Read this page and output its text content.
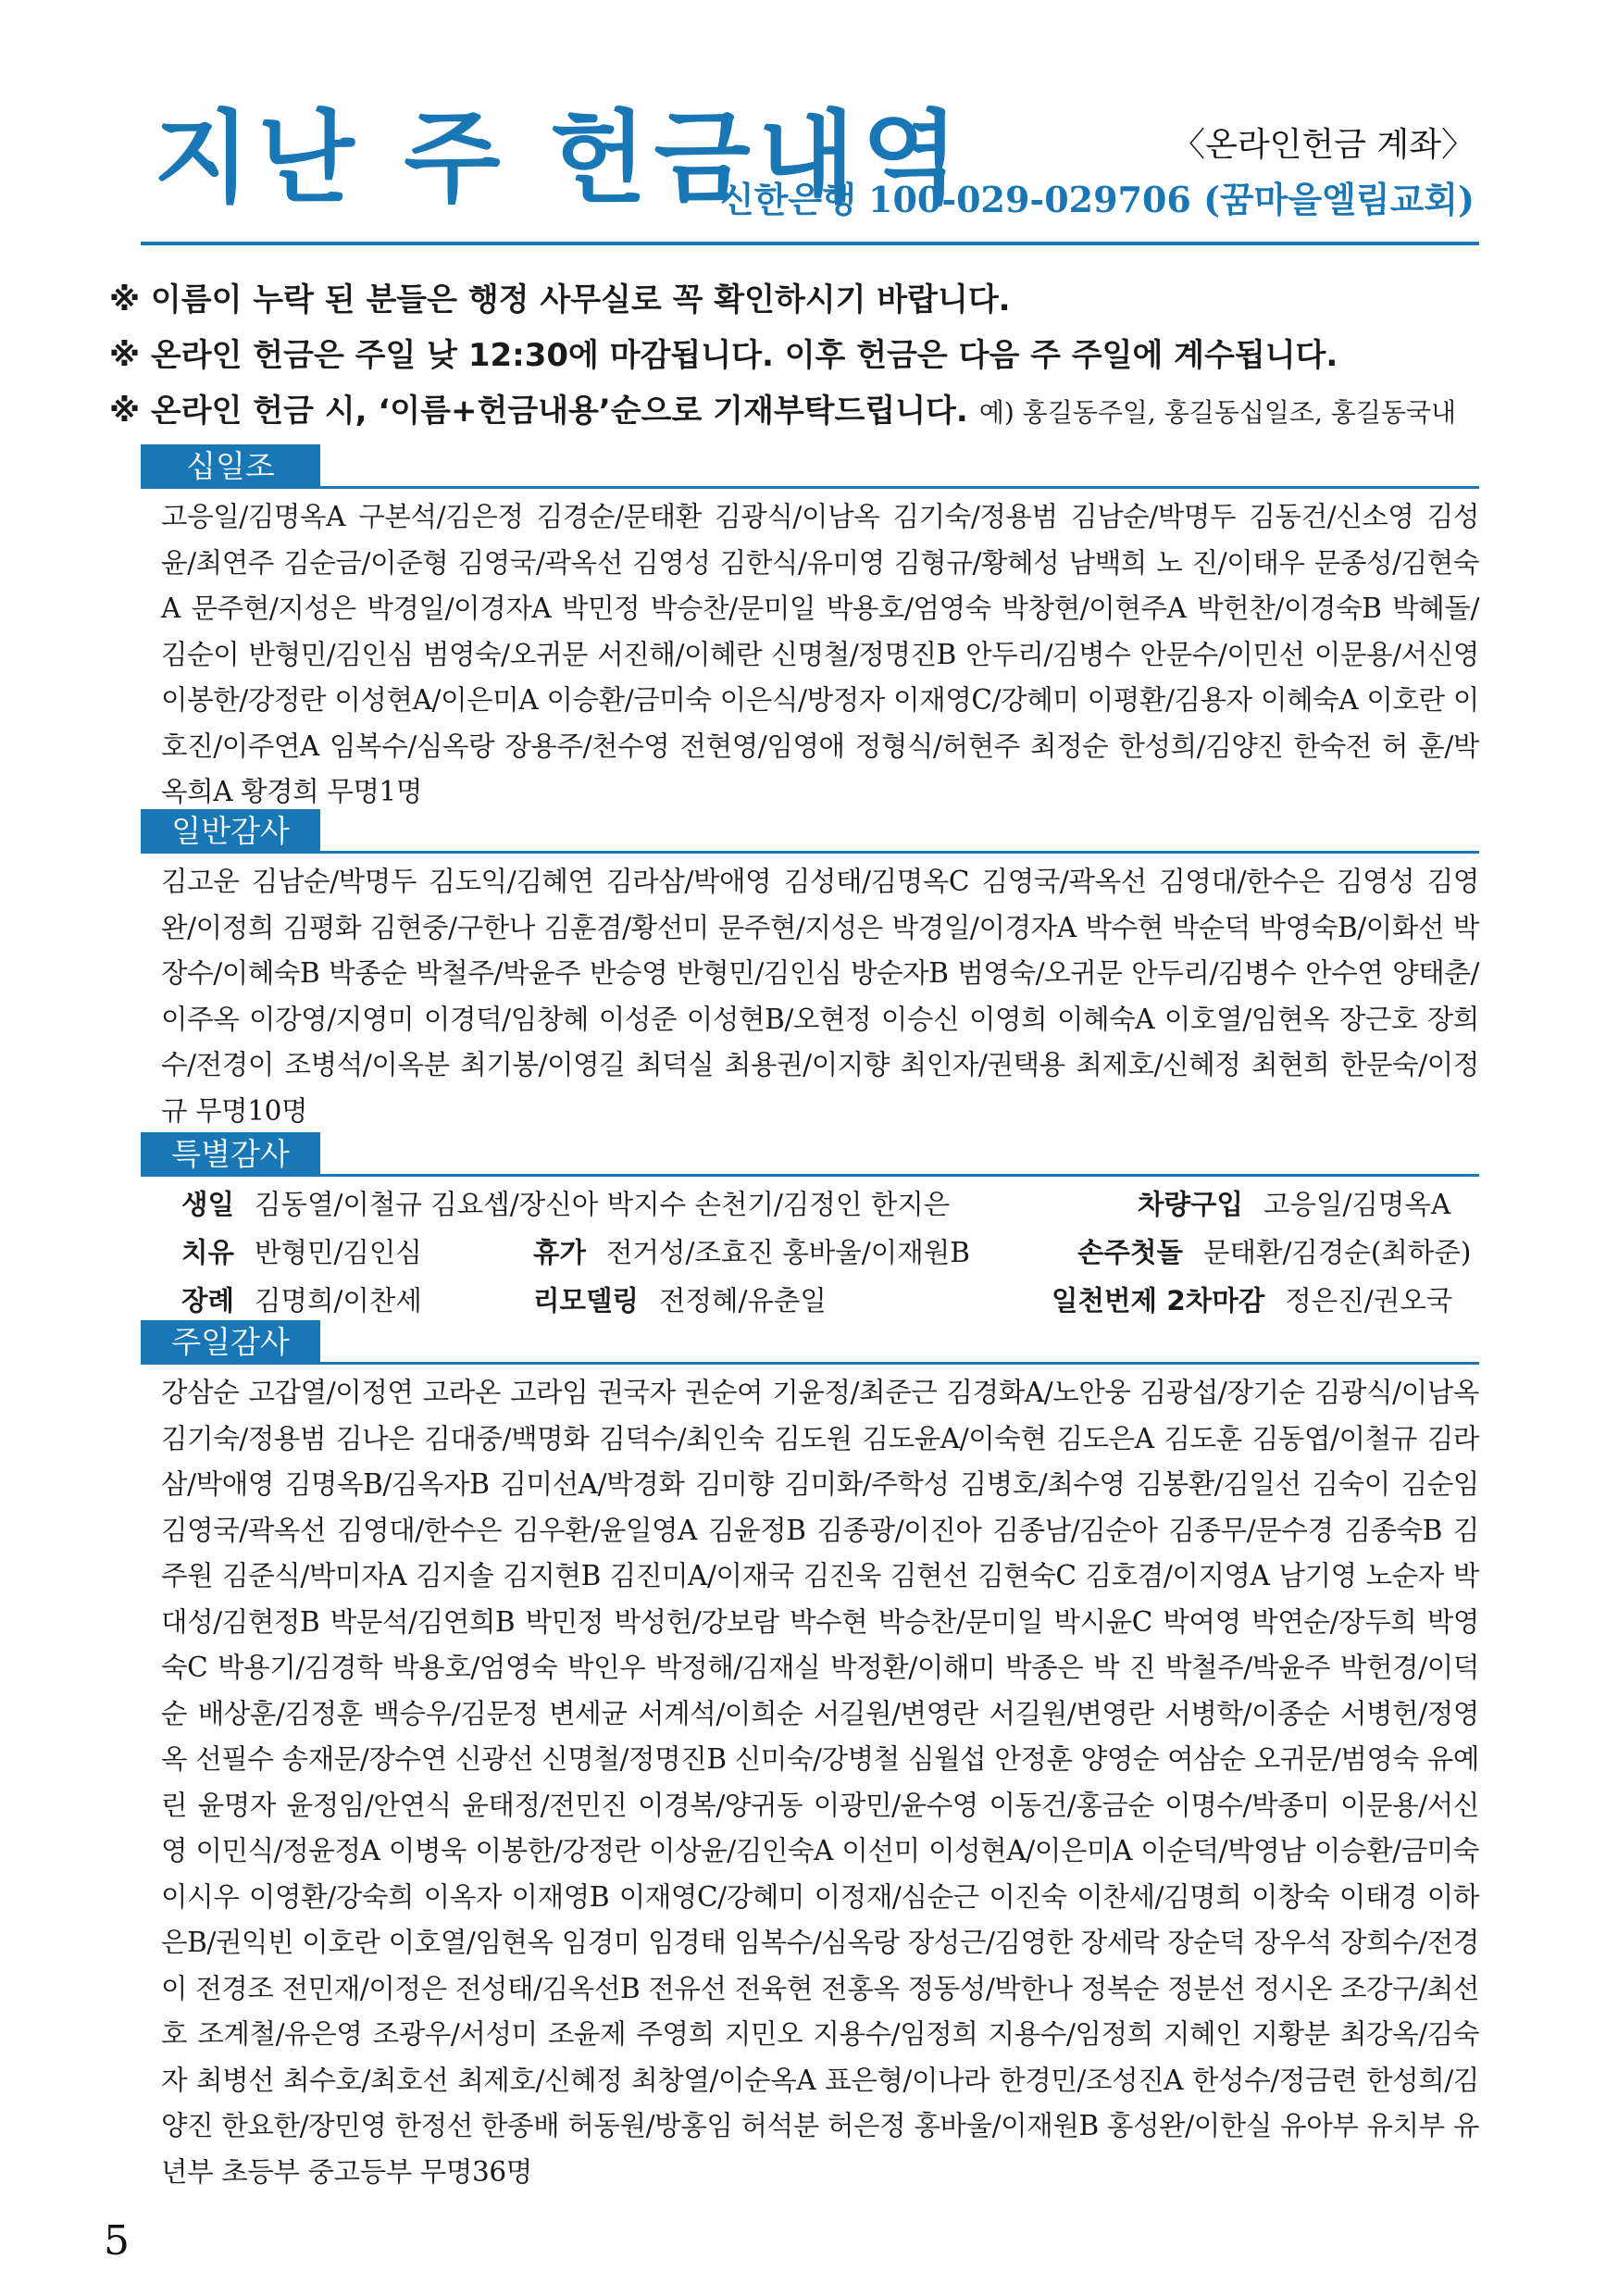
지난 주 헌금내역	〈온라인헌금 계좌〉
신한은행 100-029-029706 (꿈마을엘림교회)
※ 이름이 누락 된 분들은 행정 사무실로 꼭 확인하시기 바랍니다.
※ 온라인 헌금은 주일 낮 12:30에 마감됩니다. 이후 헌금은 다음 주 주일에 계수됩니다.
※ 온라인 헌금 시, ‘이름+헌금내용’순으로 기재부탁드립니다. 예) 홍길동주일, 홍길동십일조, 홍길동국내
십일조
고응일/김명옥A 구본석/김은정 김경순/문태환 김광식/이남옥 김기숙/정용범 김남순/박명두 김동건/신소영 김성윤/최연주 김순금/이준형 김영국/곽옥선 김영성 김한식/유미영 김형규/황혜성 남백희 노 진/이태우 문종성/김현숙A 문주현/지성은 박경일/이경자A 박민정 박승찬/문미일 박용호/엄영숙 박창현/이현주A 박헌찬/이경숙B 박혜돌/김순이 반형민/김인심 범영숙/오귀문 서진해/이혜란 신명철/정명진B 안두리/김병수 안문수/이민선 이문용/서신영 이봉한/강정란 이성현A/이은미A 이승환/금미숙 이은식/방정자 이재영C/강혜미 이평환/김용자 이혜숙A 이호란 이호진/이주연A 임복수/심옥랑 장용주/천수영 전현영/임영애 정형식/허현주 최정순 한성희/김양진 한숙전 허 훈/박옥희A 황경희 무명1명
일반감사
김고운 김남순/박명두 김도익/김혜연 김라삼/박애영 김성태/김명옥C 김영국/곽옥선 김영대/한수은 김영성 김영완/이정희 김평화 김현중/구한나 김훈겸/황선미 문주현/지성은 박경일/이경자A 박수현 박순덕 박영숙B/이화선 박장수/이혜숙B 박종순 박철주/박윤주 반승영 반형민/김인심 방순자B 범영숙/오귀문 안두리/김병수 안수연 양태춘/이주옥 이강영/지영미 이경덕/임창혜 이성준 이성현B/오현정 이승신 이영희 이혜숙A 이호열/임현옥 장근호 장희수/전경이 조병석/이옥분 최기봉/이영길 최덕실 최용권/이지향 최인자/권택용 최제호/신혜정 최현희 한문숙/이정규 무명10명
특별감사
생일 김동열/이철규 김요셉/장신아 박지수 손천기/김정인 한지은	차량구입 고응일/김명옥A
치유 반형민/김인심	휴가 전거성/조효진 홍바울/이재원B	손주첫돌 문태환/김경순(최하준)
장례 김명희/이찬세	리모델링 전정혜/유춘일	일천번제 2차마감 정은진/권오국
주일감사
강삼순 고갑열/이정연 고라온 고라임 권국자 권순여 기윤정/최준근 김경화A/노안웅 김광섭/장기순 김광식/이남옥 김기숙/정용범 김나은 김대중/백명화 김덕수/최인숙 김도원 김도윤A/이숙현 김도은A 김도훈 김동엽/이철규 김라삼/박애영 김명옥B/김옥자B 김미선A/박경화 김미향 김미화/주학성 김병호/최수영 김봉환/김일선 김숙이 김순임 김영국/곽옥선 김영대/한수은 김우환/윤일영A 김윤정B 김종광/이진아 김종남/김순아 김종무/문수경 김종숙B 김주원 김준식/박미자A 김지솔 김지현B 김진미A/이재국 김진욱 김현선 김현숙C 김호겸/이지영A 남기영 노순자 박대성/김현정B 박문석/김연희B 박민정 박성헌/강보람 박수현 박승찬/문미일 박시윤C 박여영 박연순/장두희 박영숙C 박용기/김경학 박용호/엄영숙 박인우 박정해/김재실 박정환/이해미 박종은 박 진 박철주/박윤주 박헌경/이덕순 배상훈/김정훈 백승우/김문정 변세균 서계석/이희순 서길원/변영란 서길원/변영란 서병학/이종순 서병헌/정영옥 선필수 송재문/장수연 신광선 신명철/정명진B 신미숙/강병철 심월섭 안정훈 양영순 여삼순 오귀문/범영숙 유예린 윤명자 윤정임/안연식 윤태정/전민진 이경복/양귀동 이광민/윤수영 이동건/홍금순 이명수/박종미 이문용/서신영 이민식/정윤정A 이병욱 이봉한/강정란 이상윤/김인숙A 이선미 이성현A/이은미A 이순덕/박영남 이승환/금미숙 이시우 이영환/강숙희 이옥자 이재영B 이재영C/강혜미 이정재/심순근 이진숙 이찬세/김명희 이창숙 이태경 이하은B/권익빈 이호란 이호열/임현옥 임경미 임경태 임복수/심옥랑 장성근/김영한 장세락 장순덕 장우석 장희수/전경이 전경조 전민재/이정은 전성태/김옥선B 전유선 전육현 전홍옥 정동성/박한나 정복순 정분선 정시온 조강구/최선호 조계철/유은영 조광우/서성미 조윤제 주영희 지민오 지용수/임정희 지용수/임정희 지혜인 지황분 최강옥/김숙자 최병선 최수호/최호선 최제호/신혜정 최창열/이순옥A 표은형/이나라 한경민/조성진A 한성수/정금련 한성희/김양진 한요한/장민영 한정선 한종배 허동원/방홍임 허석분 허은정 홍바울/이재원B 홍성완/이한실 유아부 유치부 유년부 초등부 중고등부 무명36명
5
